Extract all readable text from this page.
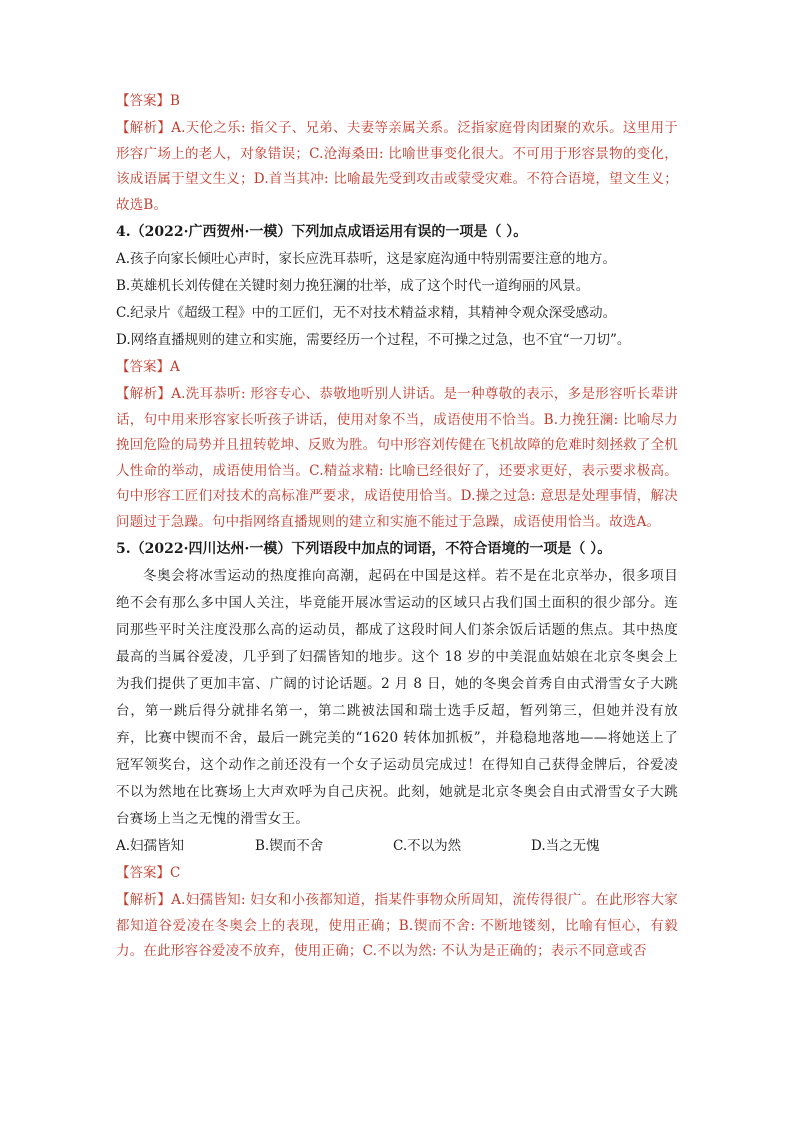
【答案】B
【解析】A.天伦之乐: 指父子、兄弟、夫妻等亲属关系。泛指家庭骨肉团聚的欢乐。这里用于形容广场上的老人，对象错误；C.沧海桑田: 比喻世事变化很大。不可用于形容景物的变化，该成语属于望文生义；D.首当其冲: 比喻最先受到攻击或蒙受灾难。不符合语境，望文生义；故选B。
4.（2022·广西贺州·一模）下列加点成语运用有误的一项是（ ）。
A.孩子向家长倾吐心声时，家长应洗耳恭听，这是家庭沟通中特别需要注意的地方。
B.英雄机长刘传健在关键时刻力挽狂澜的壮举，成了这个时代一道绚丽的风景。
C.纪录片《超级工程》中的工匠们，无不对技术精益求精，其精神令观众深受感动。
D.网络直播规则的建立和实施，需要经历一个过程，不可操之过急，也不宜“一刀切”。
【答案】A
【解析】A.洗耳恭听: 形容专心、恭敬地听别人讲话。是一种尊敬的表示，多是形容听长辈讲话，句中用来形容家长听孩子讲话，使用对象不当，成语使用不恰当。B.力挽狂澜: 比喻尽力挽回危险的局势并且扭转乾坤、反败为胜。句中形容刘传健在飞机故障的危难时刻拯救了全机人性命的举动，成语使用恰当。C.精益求精: 比喻已经很好了，还要求更好，表示要求极高。句中形容工匠们对技术的高标准严要求，成语使用恰当。D.操之过急: 意思是处理事情，解决问题过于急躁。句中指网络直播规则的建立和实施不能过于急躁，成语使用恰当。故选A。
5.（2022·四川达州·一模）下列语段中加点的词语，不符合语境的一项是（ ）。
冬奥会将冰雪运动的热度推向高潮，起码在中国是这样。若不是在北京举办，很多项目绝不会有那么多中国人关注，毕竟能开展冰雪运动的区域只占我们国土面积的很少部分。连同那些平时关注度没那么高的运动员，都成了这段时间人们茶余饭后话题的焦点。其中热度最高的当属谷爱凌，几乎到了妇孺皆知的地步。这个 18 岁的中美混血姑娘在北京冬奥会上为我们提供了更加丰富、广阔的讨论话题。2 月 8 日，她的冬奥会首秀自由式滑雪女子大跳台，第一跳后得分就排名第一，第二跳被法国和瑞士选手反超，暂列第三，但她并没有放弃，比赛中锲而不舍，最后一跳完美的“1620 转体加抓板”，并稳稳地落地——将她送上了冠军领奖台，这个动作之前还没有一个女子运动员完成过！在得知自己获得金牌后，谷爱凌不以为然地在比赛场上大声欢呼为自己庆祝。此刻，她就是北京冬奥会自由式滑雪女子大跳台赛场上当之无愧的滑雪女王。
A.妇孺皆知	B.锲而不舍	C.不以为然	D.当之无愧
【答案】C
【解析】A.妇孺皆知: 妇女和小孩都知道，指某件事物众所周知，流传得很广。在此形容大家都知道谷爱凌在冬奥会上的表现，使用正确；B.锲而不舍: 不断地镂刻，比喻有恒心，有毅力。在此形容谷爱凌不放弃，使用正确；C.不以为然: 不认为是正确的；表示不同意或否
